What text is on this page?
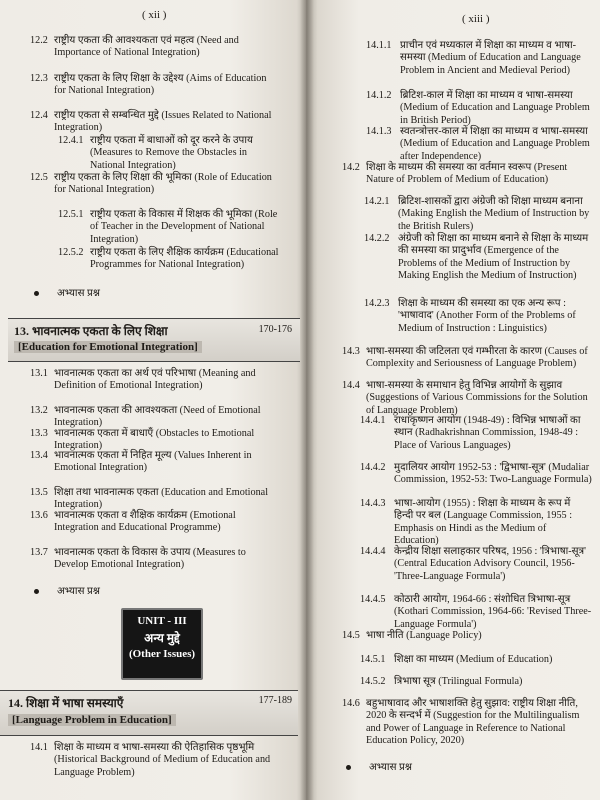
( xii )
12.2 राष्ट्रीय एकता की आवश्यकता एवं महत्व (Need and Importance of National Integration)
12.3 राष्ट्रीय एकता के लिए शिक्षा के उद्देश्य (Aims of Education for National Integration)
12.4 राष्ट्रीय एकता से सम्बन्धित मुद्दे (Issues Related to National Integration)
12.4.1 राष्ट्रीय एकता में बाधाओं को दूर करने के उपाय (Measures to Remove the Obstacles in National Integration)
12.5 राष्ट्रीय एकता के लिए शिक्षा की भूमिका (Role of Education for National Integration)
12.5.1 राष्ट्रीय एकता के विकास में शिक्षक की भूमिका (Role of Teacher in the Development of National Integration)
12.5.2 राष्ट्रीय एकता के लिए शैक्षिक कार्यक्रम (Educational Programmes for National Integration)
अभ्यास प्रश्न
13. भावनात्मक एकता के लिए शिक्षा
[Education for Emotional Integration]
170-176
13.1 भावनात्मक एकता का अर्थ एवं परिभाषा (Meaning and Definition of Emotional Integration)
13.2 भावनात्मक एकता की आवश्यकता (Need of Emotional Integration)
13.3 भावनात्मक एकता में बाधाएँ (Obstacles to Emotional Integration)
13.4 भावनात्मक एकता में निहित मूल्य (Values Inherent in Emotional Integration)
13.5 शिक्षा तथा भावनात्मक एकता (Education and Emotional Integration)
13.6 भावनात्मक एकता व शैक्षिक कार्यक्रम (Emotional Integration and Educational Programme)
13.7 भावनात्मक एकता के विकास के उपाय (Measures to Develop Emotional Integration)
अभ्यास प्रश्न
UNIT - III
अन्य मुद्दे
(Other Issues)
14. शिक्षा में भाषा समस्याएँ
[Language Problem in Education]
177-189
14.1 शिक्षा के माध्यम व भाषा-समस्या की ऐतिहासिक पृष्ठभूमि (Historical Background of Medium of Education and Language Problem)
( xiii )
14.1.1 प्राचीन एवं मध्यकाल में शिक्षा का माध्यम व भाषा-समस्या (Medium of Education and Language Problem in Ancient and Medieval Period)
14.1.2 ब्रिटिश-काल में शिक्षा का माध्यम व भाषा-समस्या (Medium of Education and Language Problem in British Period)
14.1.3 स्वतन्त्रोत्तर-काल में शिक्षा का माध्यम व भाषा-समस्या (Medium of Education and Language Problem after Independence)
14.2 शिक्षा के माध्यम की समस्या का वर्तमान स्वरूप (Present Nature of Problem of Medium of Education)
14.2.1 ब्रिटिश-शासकों द्वारा अंग्रेजी को शिक्षा माध्यम बनाना (Making English the Medium of Instruction by the British Rulers)
14.2.2 अंग्रेजी को शिक्षा का माध्यम बनाने से शिक्षा के माध्यम की समस्या का प्रादुर्भाव (Emergence of the Problems of the Medium of Instruction by Making English the Medium of Instruction)
14.2.3 शिक्षा के माध्यम की समस्या का एक अन्य रूप : 'भाषावाद' (Another Form of the Problems of Medium of Instruction : Linguistics)
14.3 भाषा-समस्या की जटिलता एवं गम्भीरता के कारण (Causes of Complexity and Seriousness of Language Problem)
14.4 भाषा-समस्या के समाधान हेतु विभिन्न आयोगों के सुझाव (Suggestions of Various Commissions for the Solution of Language Problem)
14.4.1 राधाकृष्णन आयोग (1948-49) : विभिन्न भाषाओं का स्थान (Radhakrishnan Commission, 1948-49 : Place of Various Languages)
14.4.2 मुदालियर आयोग 1952-53 : 'द्विभाषा-सूत्र' (Mudaliar Commission, 1952-53: Two-Language Formula)
14.4.3 भाषा-आयोग (1955) : शिक्षा के माध्यम के रूप में हिन्दी पर बल (Language Commission, 1955 : Emphasis on Hindi as the Medium of Education)
14.4.4 केन्द्रीय शिक्षा सलाहकार परिषद, 1956 : 'त्रिभाषा-सूत्र' (Central Education Advisory Council, 1956-'Three-Language Formula')
14.4.5 कोठारी आयोग, 1964-66 : संशोधित त्रिभाषा-सूत्र (Kothari Commission, 1964-66: 'Revised Three-Language Formula')
14.5 भाषा नीति (Language Policy)
14.5.1 शिक्षा का माध्यम (Medium of Education)
14.5.2 त्रिभाषा सूत्र (Trilingual Formula)
14.6 बहुभाषावाद और भाषाशक्ति हेतु सुझाव: राष्ट्रीय शिक्षा नीति, 2020 के सन्दर्भ में (Suggestion for the Multilingualism and Power of Language in Reference to National Education Policy, 2020)
अभ्यास प्रश्न
